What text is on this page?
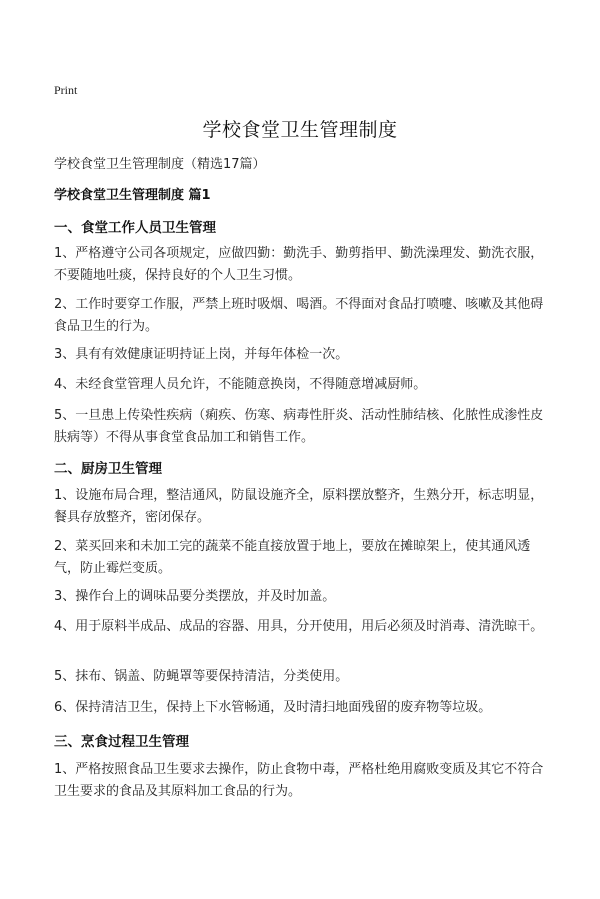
Print
学校食堂卫生管理制度
学校食堂卫生管理制度（精选17篇）
学校食堂卫生管理制度 篇1
一、食堂工作人员卫生管理
1、严格遵守公司各项规定，应做四勤：勤洗手、勤剪指甲、勤洗澡理发、勤洗衣服，不要随地吐痰，保持良好的个人卫生习惯。
2、工作时要穿工作服，严禁上班时吸烟、喝酒。不得面对食品打喷嚏、咳嗽及其他碍食品卫生的行为。
3、具有有效健康证明持证上岗，并每年体检一次。
4、未经食堂管理人员允许，不能随意换岗，不得随意增减厨师。
5、一旦患上传染性疾病（痢疾、伤寒、病毒性肝炎、活动性肺结核、化脓性成渗性皮肤病等）不得从事食堂食品加工和销售工作。
二、厨房卫生管理
1、设施布局合理，整洁通风，防鼠设施齐全，原料摆放整齐，生熟分开，标志明显，餐具存放整齐，密闭保存。
2、菜买回来和未加工完的蔬菜不能直接放置于地上，要放在摊晾架上，使其通风透气，防止霉烂变质。
3、操作台上的调味品要分类摆放，并及时加盖。
4、用于原料半成品、成品的容器、用具，分开使用，用后必须及时消毒、清洗晾干。
5、抹布、锅盖、防蝇罩等要保持清洁，分类使用。
6、保持清洁卫生，保持上下水管畅通，及时清扫地面残留的废弃物等垃圾。
三、烹食过程卫生管理
1、严格按照食品卫生要求去操作，防止食物中毒，严格杜绝用腐败变质及其它不符合卫生要求的食品及其原料加工食品的行为。
